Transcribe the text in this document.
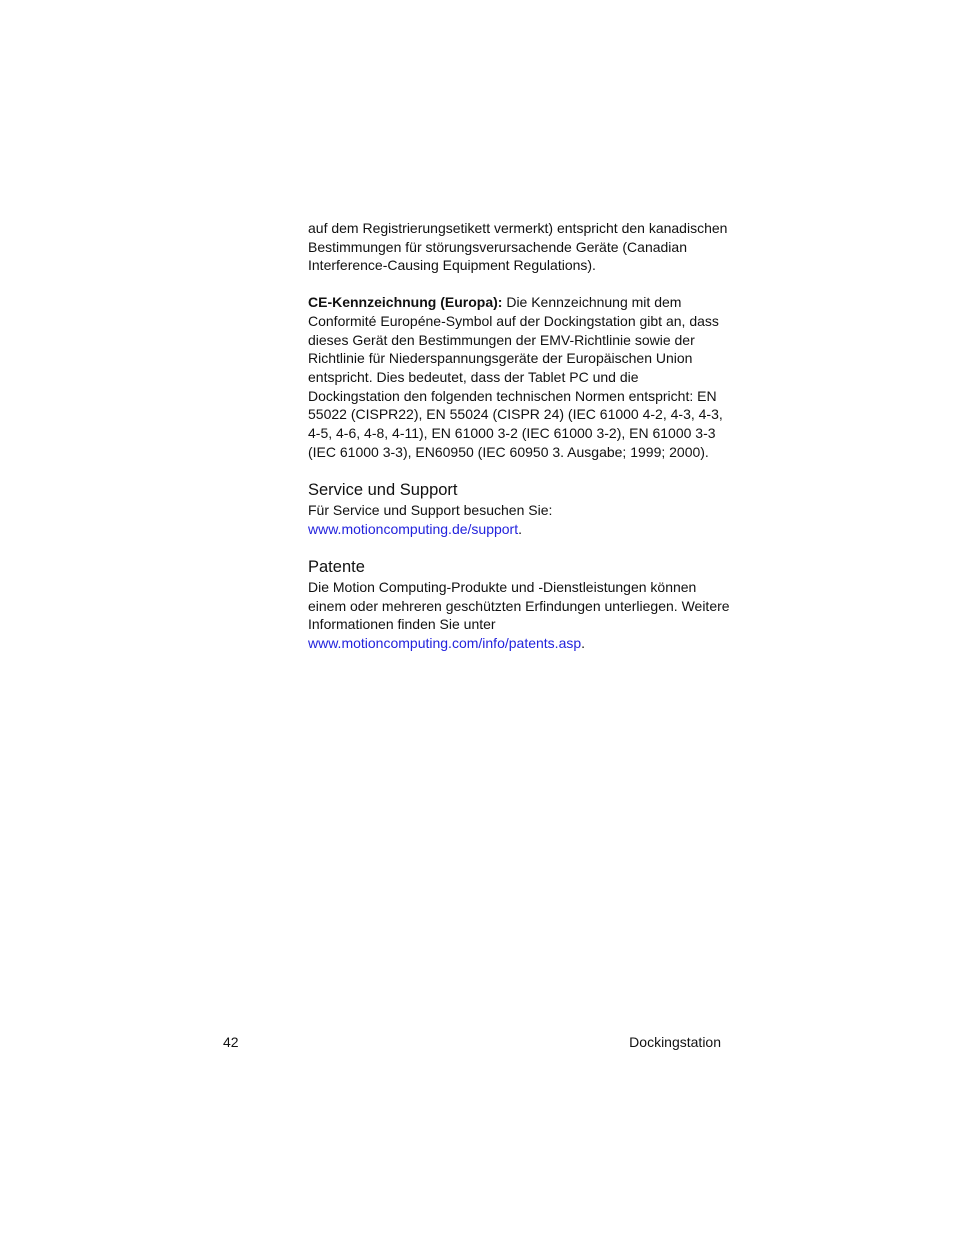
auf dem Registrierungsetikett vermerkt) entspricht den kanadischen Bestimmungen für störungsverursachende Geräte (Canadian Interference-Causing Equipment Regulations).

CE-Kennzeichnung (Europa): Die Kennzeichnung mit dem Conformité Européne-Symbol auf der Dockingstation gibt an, dass dieses Gerät den Bestimmungen der EMV-Richtlinie sowie der Richtlinie für Niederspannungsgeräte der Europäischen Union entspricht. Dies bedeutet, dass der Tablet PC und die Dockingstation den folgenden technischen Normen entspricht: EN 55022 (CISPR22), EN 55024 (CISPR 24) (IEC 61000 4-2, 4-3, 4-3, 4-5, 4-6, 4-8, 4-11), EN 61000 3-2 (IEC 61000 3-2), EN 61000 3-3 (IEC 61000 3-3), EN60950 (IEC 60950 3. Ausgabe; 1999; 2000).

Service und Support

Für Service und Support besuchen Sie:
www.motioncomputing.de/support.

Patente

Die Motion Computing-Produkte und -Dienstleistungen können einem oder mehreren geschützten Erfindungen unterliegen. Weitere Informationen finden Sie unter
www.motioncomputing.com/info/patents.asp.

42	Dockingstation
